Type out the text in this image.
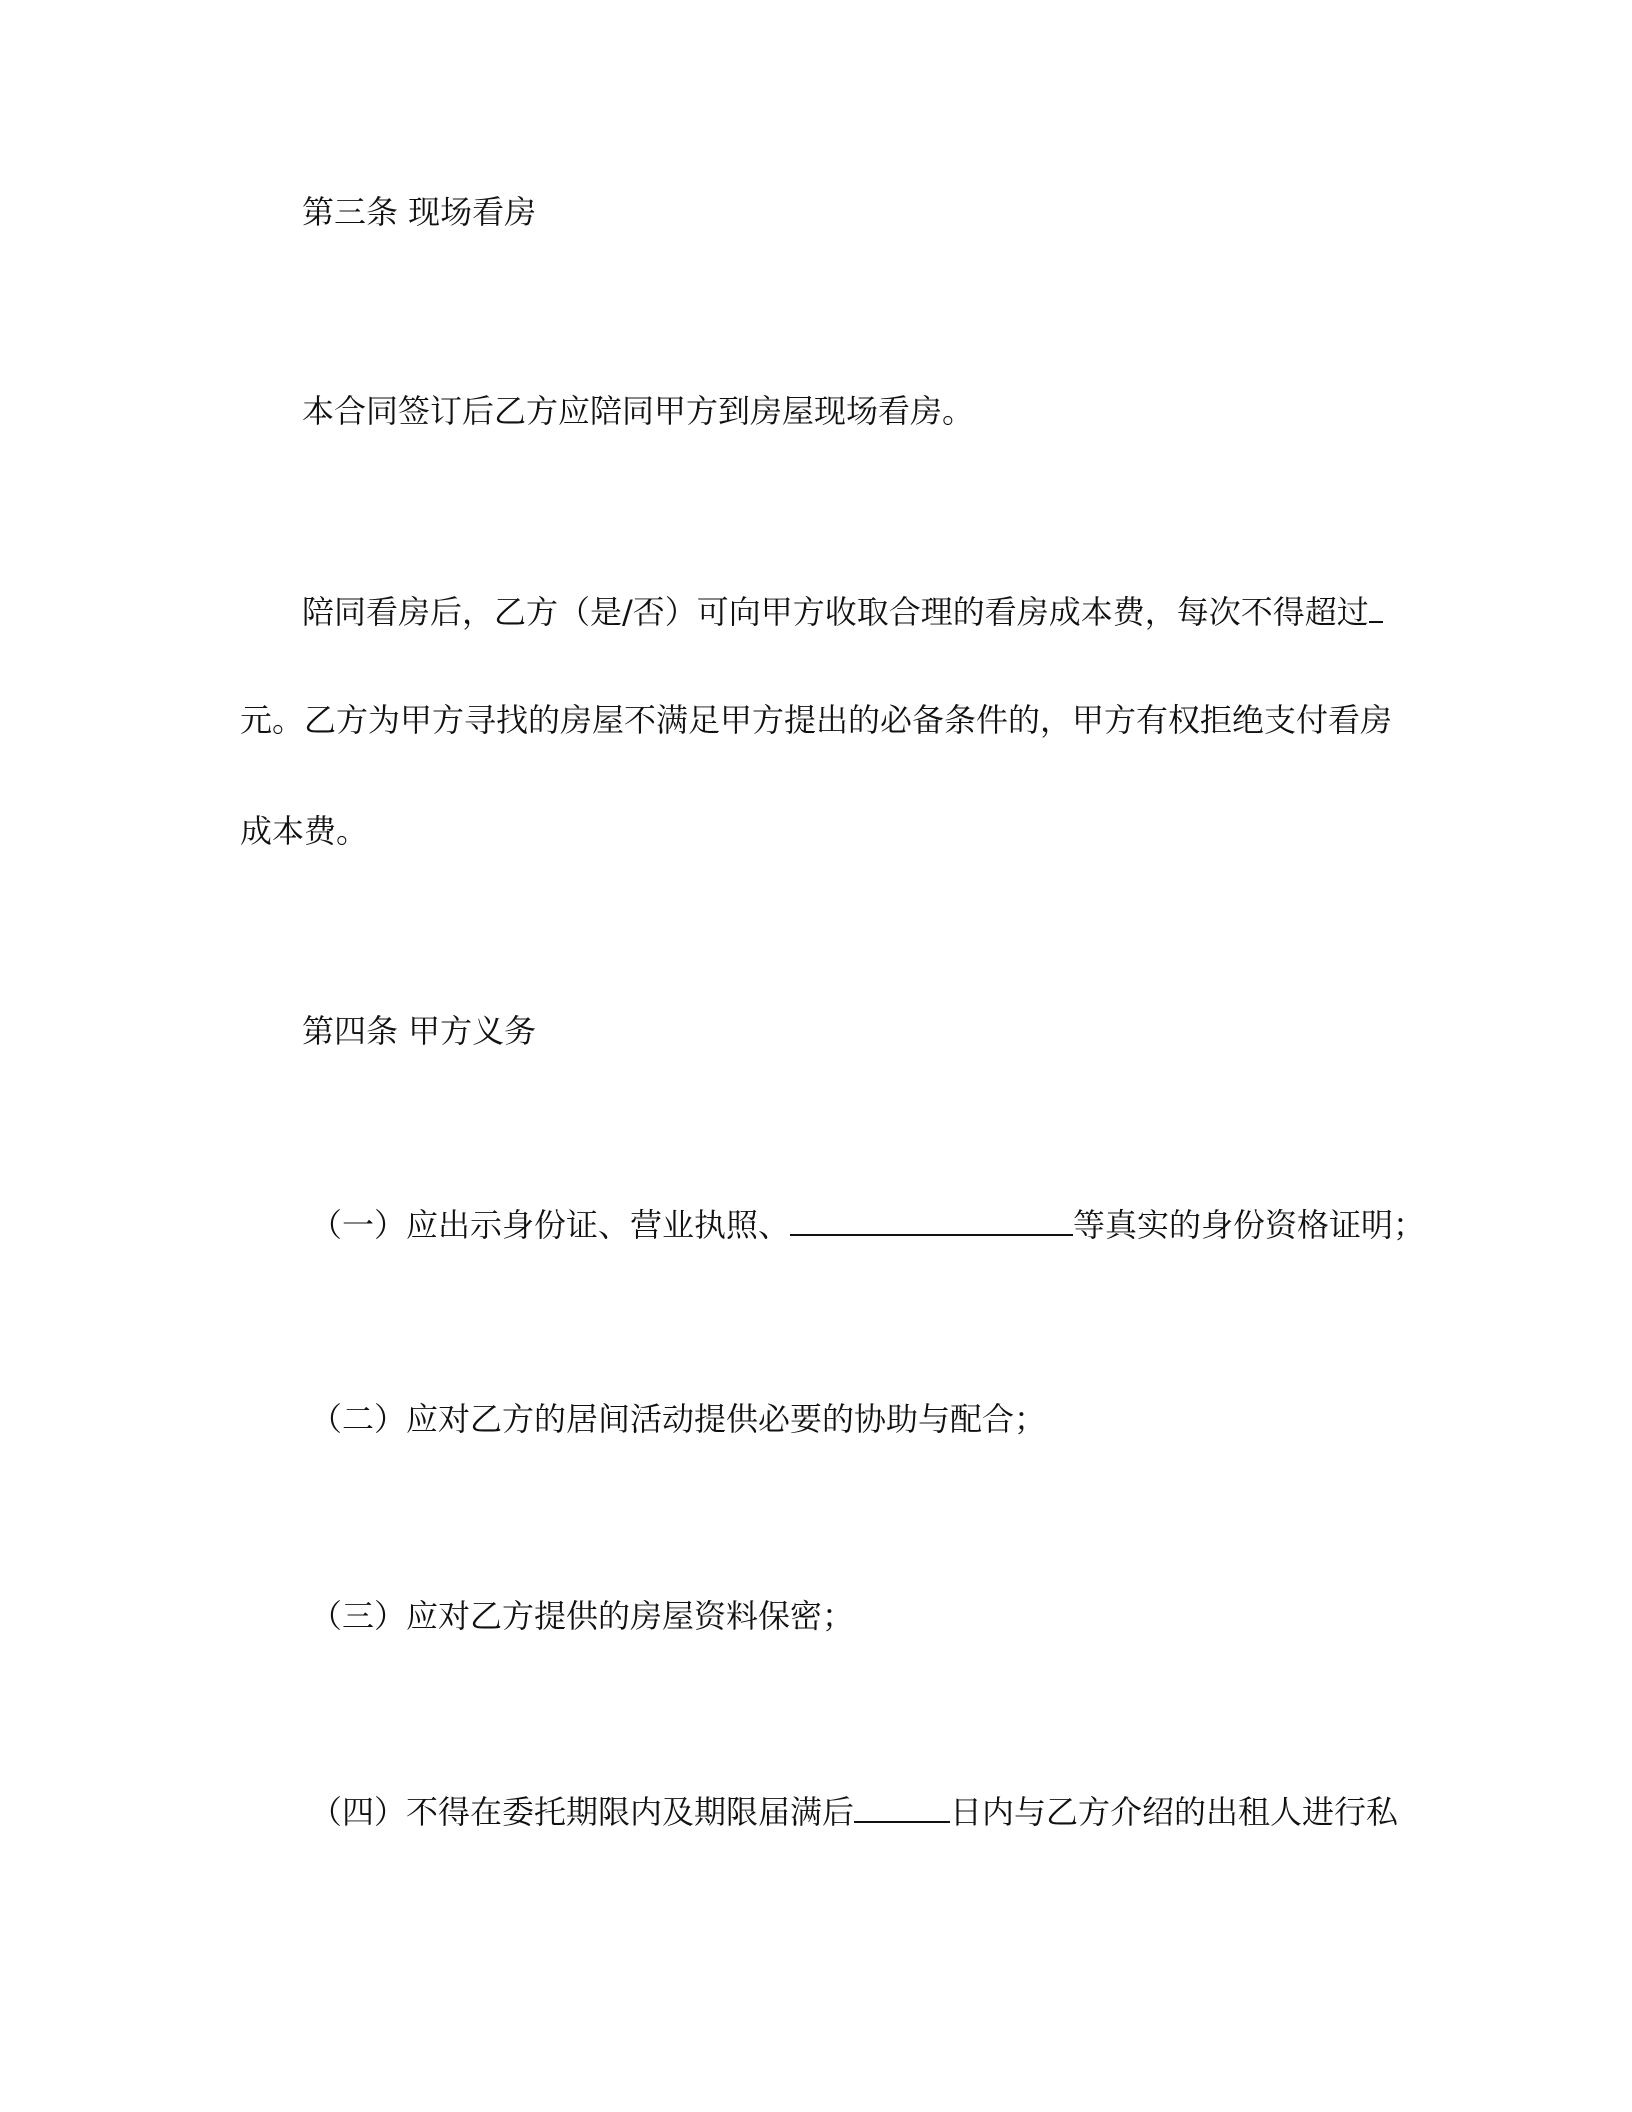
第三条 现场看房
本合同签订后乙方应陪同甲方到房屋现场看房。
陪同看房后，乙方（是/否）可向甲方收取合理的看房成本费，每次不得超过
元。乙方为甲方寻找的房屋不满足甲方提出的必备条件的，甲方有权拒绝支付看房
成本费。
第四条 甲方义务
（一）应出示身份证、营业执照、	等真实的身份资格证明；
（二）应对乙方的居间活动提供必要的协助与配合；
（三）应对乙方提供的房屋资料保密；
（四）不得在委托期限内及期限届满后	日内与乙方介绍的出租人进行私
